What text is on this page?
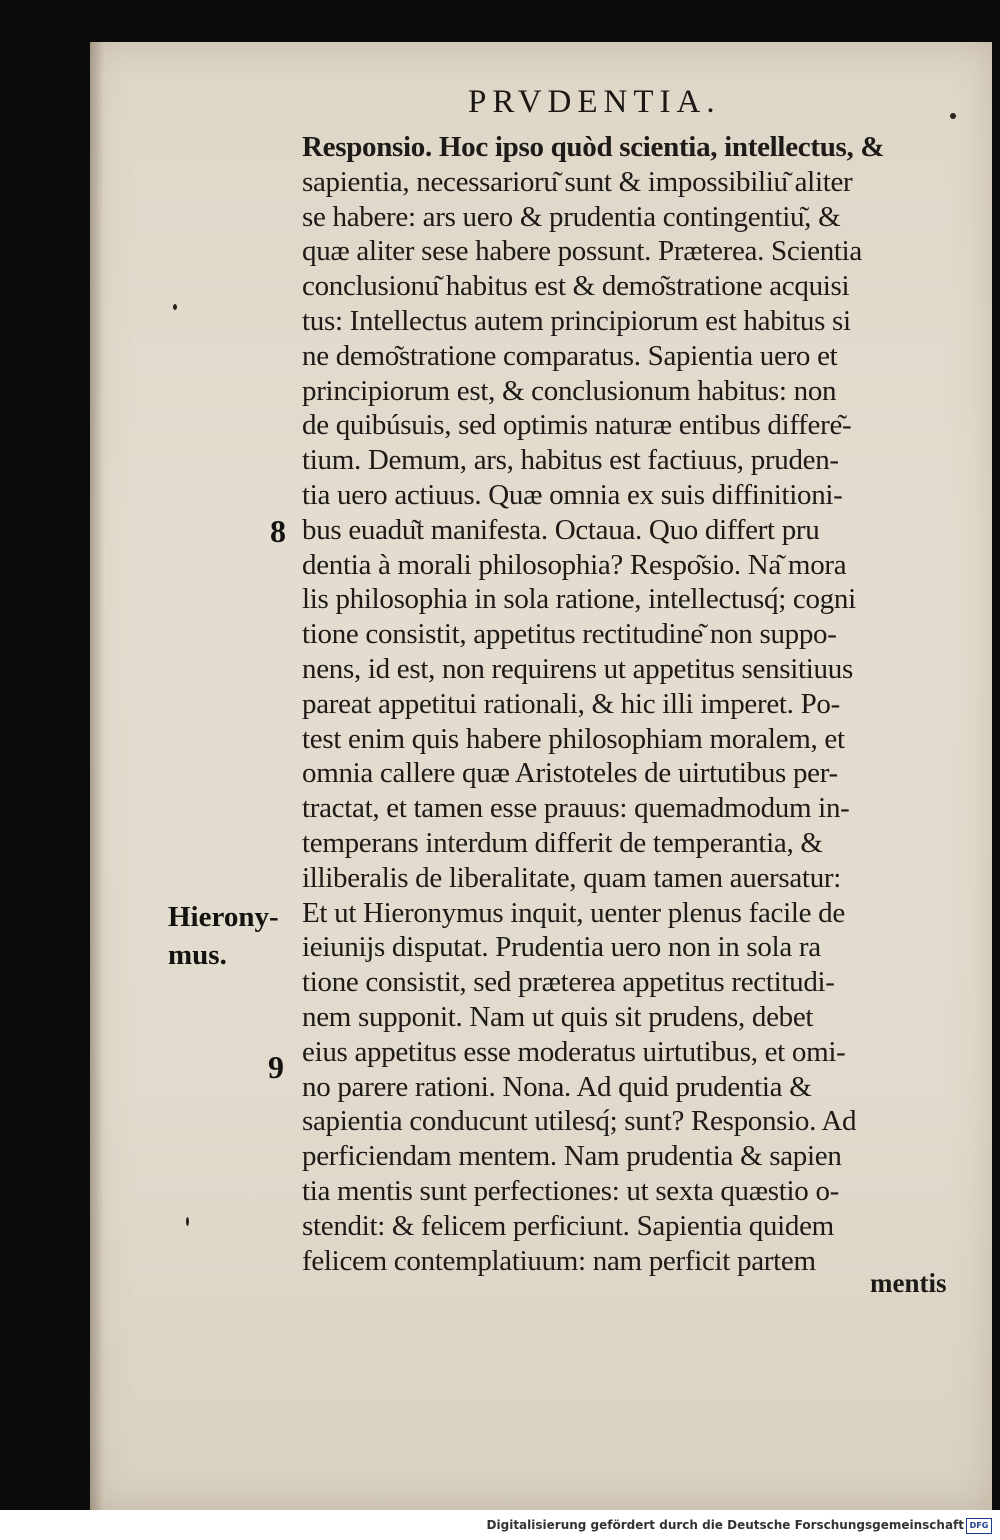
PRVDENTIA.
Responsio. Hoc ipso quòd scientia, intellectus, &
sapientia, necessarioru͂ sunt & impossibiliu͂ aliter
se habere: ars uero & prudentia contingentiu͂, &
quæ aliter sese habere possunt. Præterea. Scientia
conclusionu͂ habitus est & demo͂stratione acquisi
tus: Intellectus autem principiorum est habitus si
ne demo͂stratione comparatus. Sapientia uero et
principiorum est, & conclusionum habitus: non
de quibúsuis, sed optimis naturæ entibus differe͂-
tium. Demum, ars, habitus est factiuus, pruden-
tia uero actiuus. Quæ omnia ex suis diffinitioni-
bus euadu͂t manifesta. Octaua. Quo differt pru
dentia à morali philosophia? Respo͂sio. Na͂ mora
lis philosophia in sola ratione, intellectusq́; cogni
tione consistit, appetitus rectitudine͂ non suppo-
nens, id est, non requirens ut appetitus sensitiuus
pareat appetitui rationali, & hic illi imperet. Po-
test enim quis habere philosophiam moralem, et
omnia callere quæ Aristoteles de uirtutibus per-
tractat, et tamen esse prauus: quemadmodum in-
temperans interdum differit de temperantia, &
illiberalis de liberalitate, quam tamen auersatur:
Et ut Hieronymus inquit, uenter plenus facile de
ieiunijs disputat. Prudentia uero non in sola ra
tione consistit, sed præterea appetitus rectitudi-
nem supponit. Nam ut quis sit prudens, debet
eius appetitus esse moderatus uirtutibus, et omi-
no parere rationi. Nona. Ad quid prudentia &
sapientia conducunt utilesq́; sunt? Responsio. Ad
perficiendam mentem. Nam prudentia & sapien
tia mentis sunt perfectiones: ut sexta quæstio o-
stendit: & felicem perficiunt. Sapientia quidem
felicem contemplatiuum: nam perficit partem
mentis
8
9
Hierony-
mus.
Digitalisierung gefördert durch die Deutsche Forschungsgemeinschaft DFG
